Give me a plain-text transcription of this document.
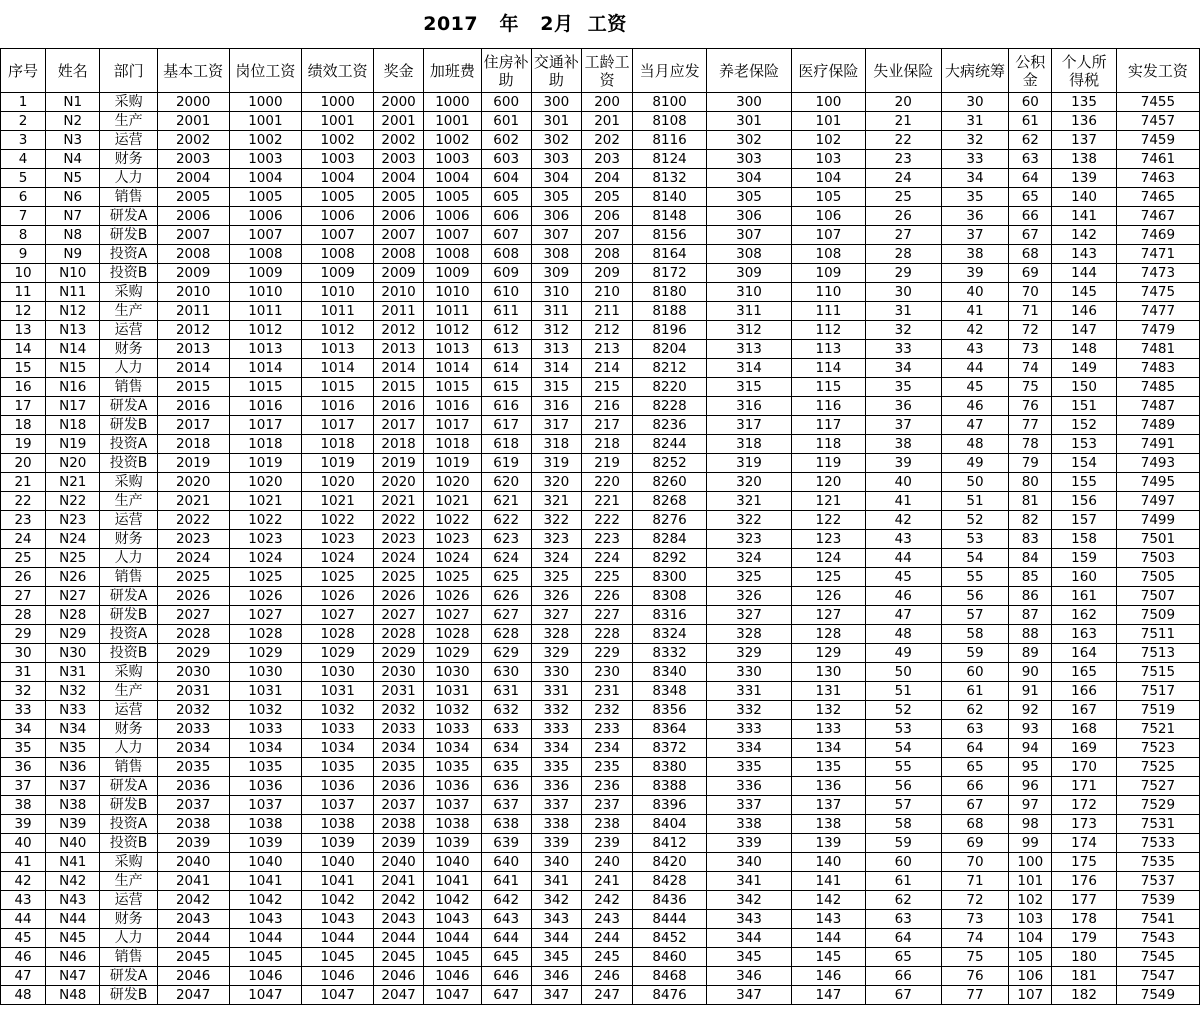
2017   年   2月  工资
序号	姓名	部门	基本工资	岗位工资	绩效工资	奖金	加班费	住房补助	交通补助	工龄工资	当月应发	养老保险	医疗保险	失业保险	大病统筹	公积金	个人所得税	实发工资
1	N1	采购	2000	1000	1000	2000	1000	600	300	200	8100	300	100	20	30	60	135	7455
2	N2	生产	2001	1001	1001	2001	1001	601	301	201	8108	301	101	21	31	61	136	7457
3	N3	运营	2002	1002	1002	2002	1002	602	302	202	8116	302	102	22	32	62	137	7459
4	N4	财务	2003	1003	1003	2003	1003	603	303	203	8124	303	103	23	33	63	138	7461
5	N5	人力	2004	1004	1004	2004	1004	604	304	204	8132	304	104	24	34	64	139	7463
6	N6	销售	2005	1005	1005	2005	1005	605	305	205	8140	305	105	25	35	65	140	7465
7	N7	研发A	2006	1006	1006	2006	1006	606	306	206	8148	306	106	26	36	66	141	7467
8	N8	研发B	2007	1007	1007	2007	1007	607	307	207	8156	307	107	27	37	67	142	7469
9	N9	投资A	2008	1008	1008	2008	1008	608	308	208	8164	308	108	28	38	68	143	7471
10	N10	投资B	2009	1009	1009	2009	1009	609	309	209	8172	309	109	29	39	69	144	7473
11	N11	采购	2010	1010	1010	2010	1010	610	310	210	8180	310	110	30	40	70	145	7475
12	N12	生产	2011	1011	1011	2011	1011	611	311	211	8188	311	111	31	41	71	146	7477
13	N13	运营	2012	1012	1012	2012	1012	612	312	212	8196	312	112	32	42	72	147	7479
14	N14	财务	2013	1013	1013	2013	1013	613	313	213	8204	313	113	33	43	73	148	7481
15	N15	人力	2014	1014	1014	2014	1014	614	314	214	8212	314	114	34	44	74	149	7483
16	N16	销售	2015	1015	1015	2015	1015	615	315	215	8220	315	115	35	45	75	150	7485
17	N17	研发A	2016	1016	1016	2016	1016	616	316	216	8228	316	116	36	46	76	151	7487
18	N18	研发B	2017	1017	1017	2017	1017	617	317	217	8236	317	117	37	47	77	152	7489
19	N19	投资A	2018	1018	1018	2018	1018	618	318	218	8244	318	118	38	48	78	153	7491
20	N20	投资B	2019	1019	1019	2019	1019	619	319	219	8252	319	119	39	49	79	154	7493
21	N21	采购	2020	1020	1020	2020	1020	620	320	220	8260	320	120	40	50	80	155	7495
22	N22	生产	2021	1021	1021	2021	1021	621	321	221	8268	321	121	41	51	81	156	7497
23	N23	运营	2022	1022	1022	2022	1022	622	322	222	8276	322	122	42	52	82	157	7499
24	N24	财务	2023	1023	1023	2023	1023	623	323	223	8284	323	123	43	53	83	158	7501
25	N25	人力	2024	1024	1024	2024	1024	624	324	224	8292	324	124	44	54	84	159	7503
26	N26	销售	2025	1025	1025	2025	1025	625	325	225	8300	325	125	45	55	85	160	7505
27	N27	研发A	2026	1026	1026	2026	1026	626	326	226	8308	326	126	46	56	86	161	7507
28	N28	研发B	2027	1027	1027	2027	1027	627	327	227	8316	327	127	47	57	87	162	7509
29	N29	投资A	2028	1028	1028	2028	1028	628	328	228	8324	328	128	48	58	88	163	7511
30	N30	投资B	2029	1029	1029	2029	1029	629	329	229	8332	329	129	49	59	89	164	7513
31	N31	采购	2030	1030	1030	2030	1030	630	330	230	8340	330	130	50	60	90	165	7515
32	N32	生产	2031	1031	1031	2031	1031	631	331	231	8348	331	131	51	61	91	166	7517
33	N33	运营	2032	1032	1032	2032	1032	632	332	232	8356	332	132	52	62	92	167	7519
34	N34	财务	2033	1033	1033	2033	1033	633	333	233	8364	333	133	53	63	93	168	7521
35	N35	人力	2034	1034	1034	2034	1034	634	334	234	8372	334	134	54	64	94	169	7523
36	N36	销售	2035	1035	1035	2035	1035	635	335	235	8380	335	135	55	65	95	170	7525
37	N37	研发A	2036	1036	1036	2036	1036	636	336	236	8388	336	136	56	66	96	171	7527
38	N38	研发B	2037	1037	1037	2037	1037	637	337	237	8396	337	137	57	67	97	172	7529
39	N39	投资A	2038	1038	1038	2038	1038	638	338	238	8404	338	138	58	68	98	173	7531
40	N40	投资B	2039	1039	1039	2039	1039	639	339	239	8412	339	139	59	69	99	174	7533
41	N41	采购	2040	1040	1040	2040	1040	640	340	240	8420	340	140	60	70	100	175	7535
42	N42	生产	2041	1041	1041	2041	1041	641	341	241	8428	341	141	61	71	101	176	7537
43	N43	运营	2042	1042	1042	2042	1042	642	342	242	8436	342	142	62	72	102	177	7539
44	N44	财务	2043	1043	1043	2043	1043	643	343	243	8444	343	143	63	73	103	178	7541
45	N45	人力	2044	1044	1044	2044	1044	644	344	244	8452	344	144	64	74	104	179	7543
46	N46	销售	2045	1045	1045	2045	1045	645	345	245	8460	345	145	65	75	105	180	7545
47	N47	研发A	2046	1046	1046	2046	1046	646	346	246	8468	346	146	66	76	106	181	7547
48	N48	研发B	2047	1047	1047	2047	1047	647	347	247	8476	347	147	67	77	107	182	7549
